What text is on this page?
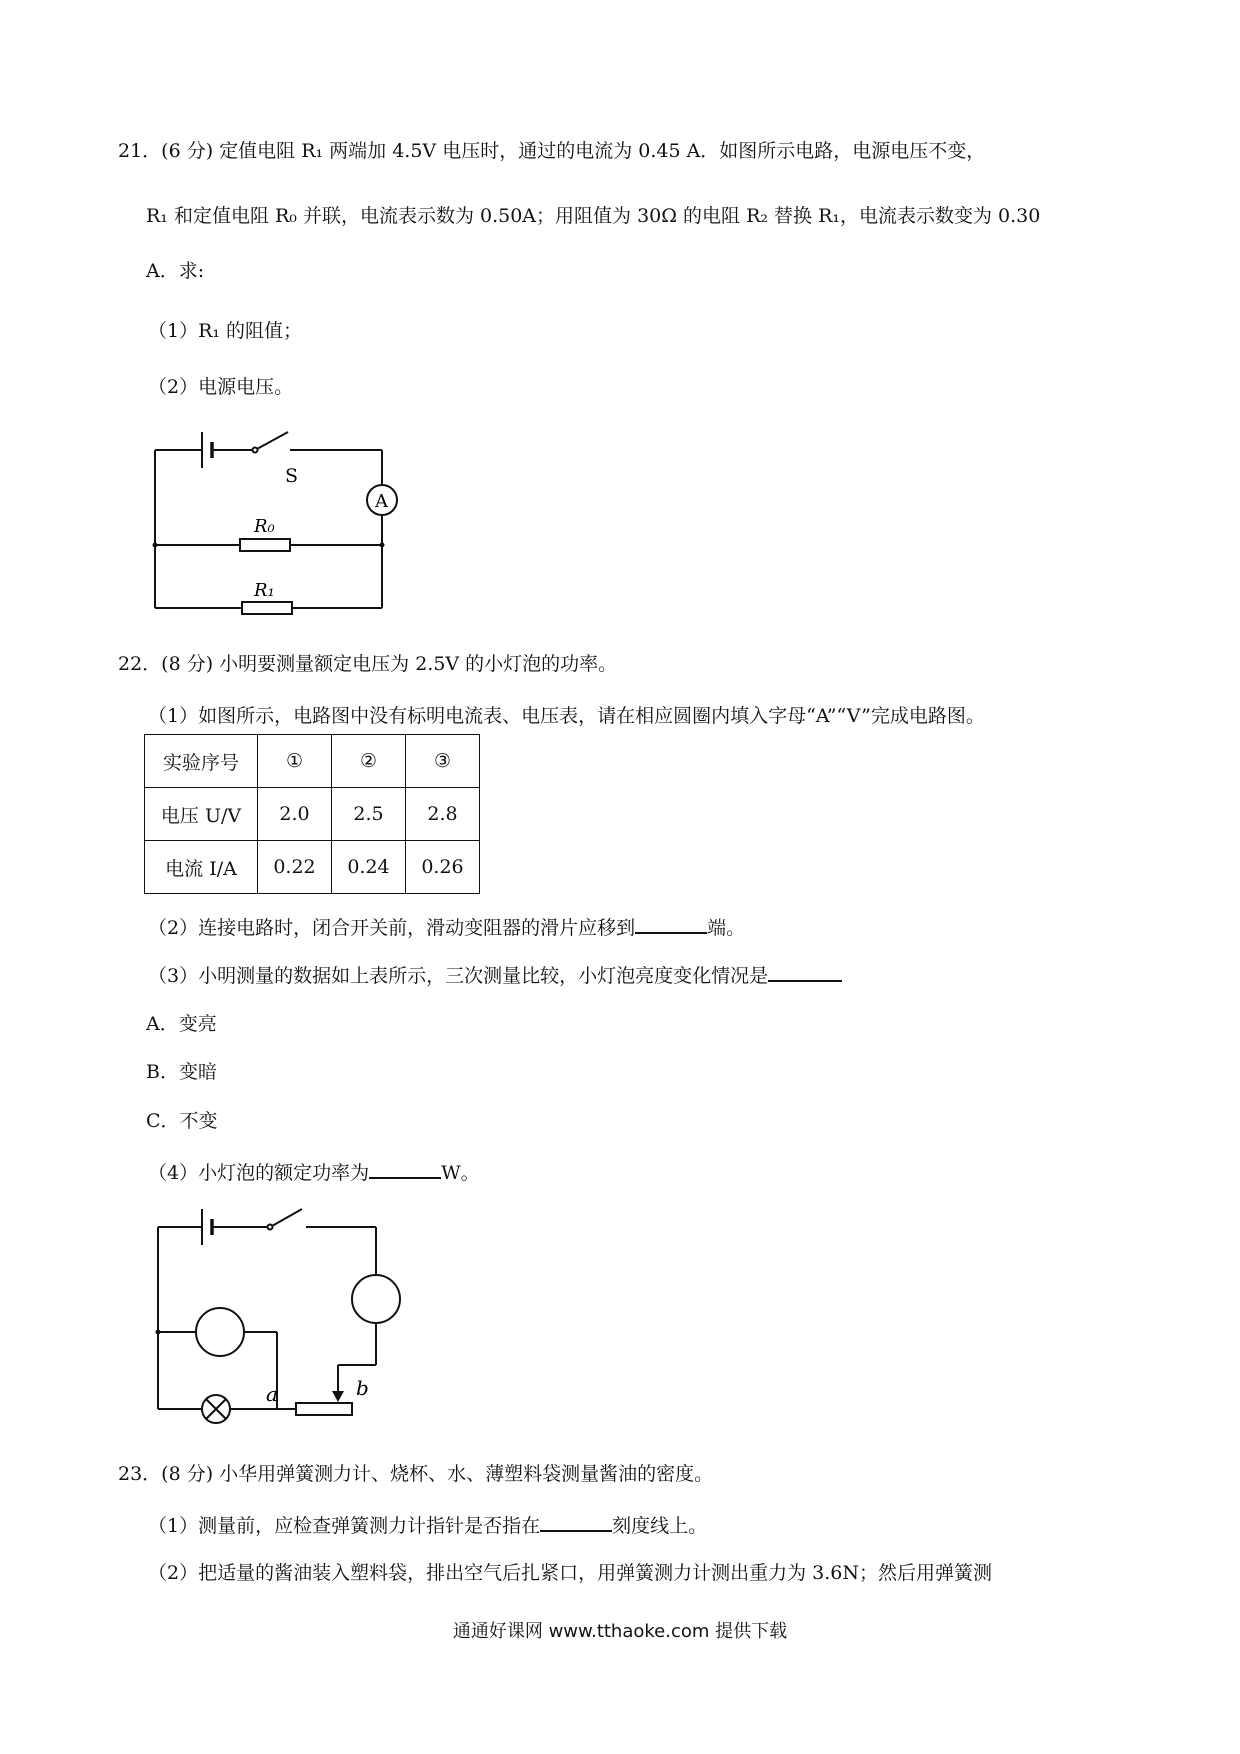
21．(6 分) 定值电阻 R₁ 两端加 4.5V 电压时，通过的电流为 0.45 A．如图所示电路，电源电压不变，
R₁ 和定值电阻 R₀ 并联，电流表示数为 0.50A；用阻值为 30Ω 的电阻 R₂ 替换 R₁，电流表示数变为 0.30
A．求:
（1）R₁ 的阻值；
（2）电源电压。
S
A
R₀
R₁
22．(8 分) 小明要测量额定电压为 2.5V 的小灯泡的功率。
（1）如图所示，电路图中没有标明电流表、电压表，请在相应圆圈内填入字母“A”“V”完成电路图。
实验序号	①	②	③
电压 U/V	2.0	2.5	2.8
电流 I/A	0.22	0.24	0.26
（2）连接电路时，闭合开关前，滑动变阻器的滑片应移到	端。
（3）小明测量的数据如上表所示，三次测量比较，小灯泡亮度变化情况是
A．变亮
B．变暗
C．不变
（4）小灯泡的额定功率为	W。
a	b
23．(8 分) 小华用弹簧测力计、烧杯、水、薄塑料袋测量酱油的密度。
（1）测量前，应检查弹簧测力计指针是否指在	刻度线上。
（2）把适量的酱油装入塑料袋，排出空气后扎紧口，用弹簧测力计测出重力为 3.6N；然后用弹簧测
通通好课网 www.tthaoke.com 提供下载
